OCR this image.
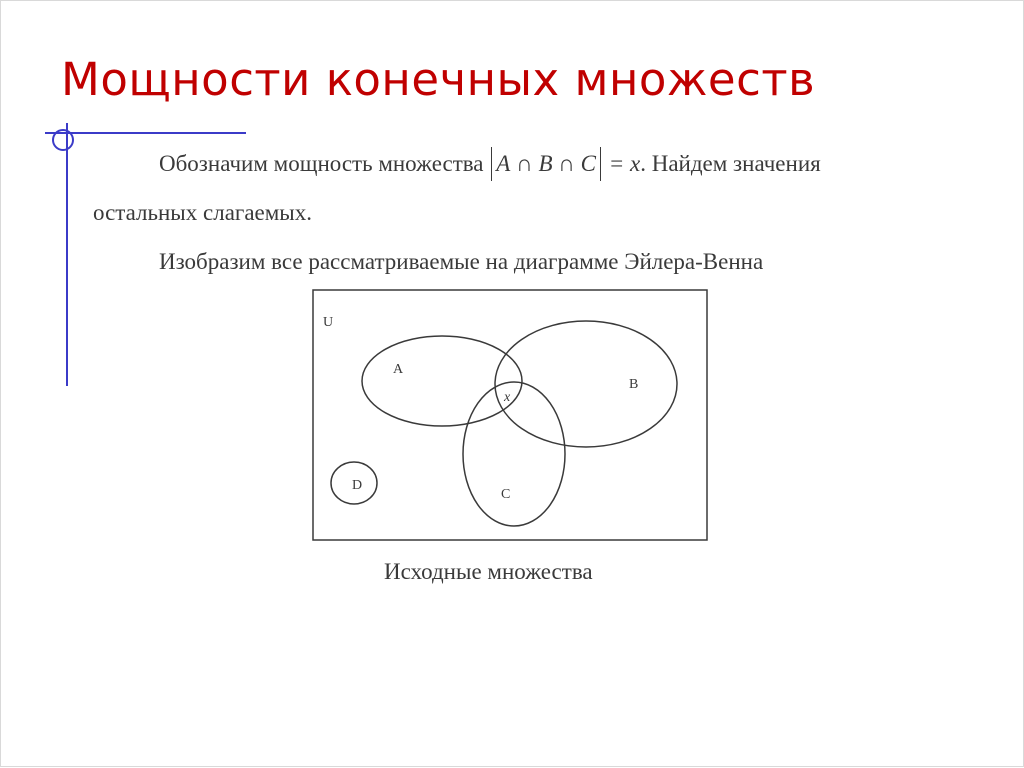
Мощности конечных множеств
Обозначим мощность множества A ∩ B ∩ C = x. Найдем значения
остальных слагаемых.
Изобразим все рассматриваемые на диаграмме Эйлера-Венна
U
A
B
C
D
x
Исходные множества
